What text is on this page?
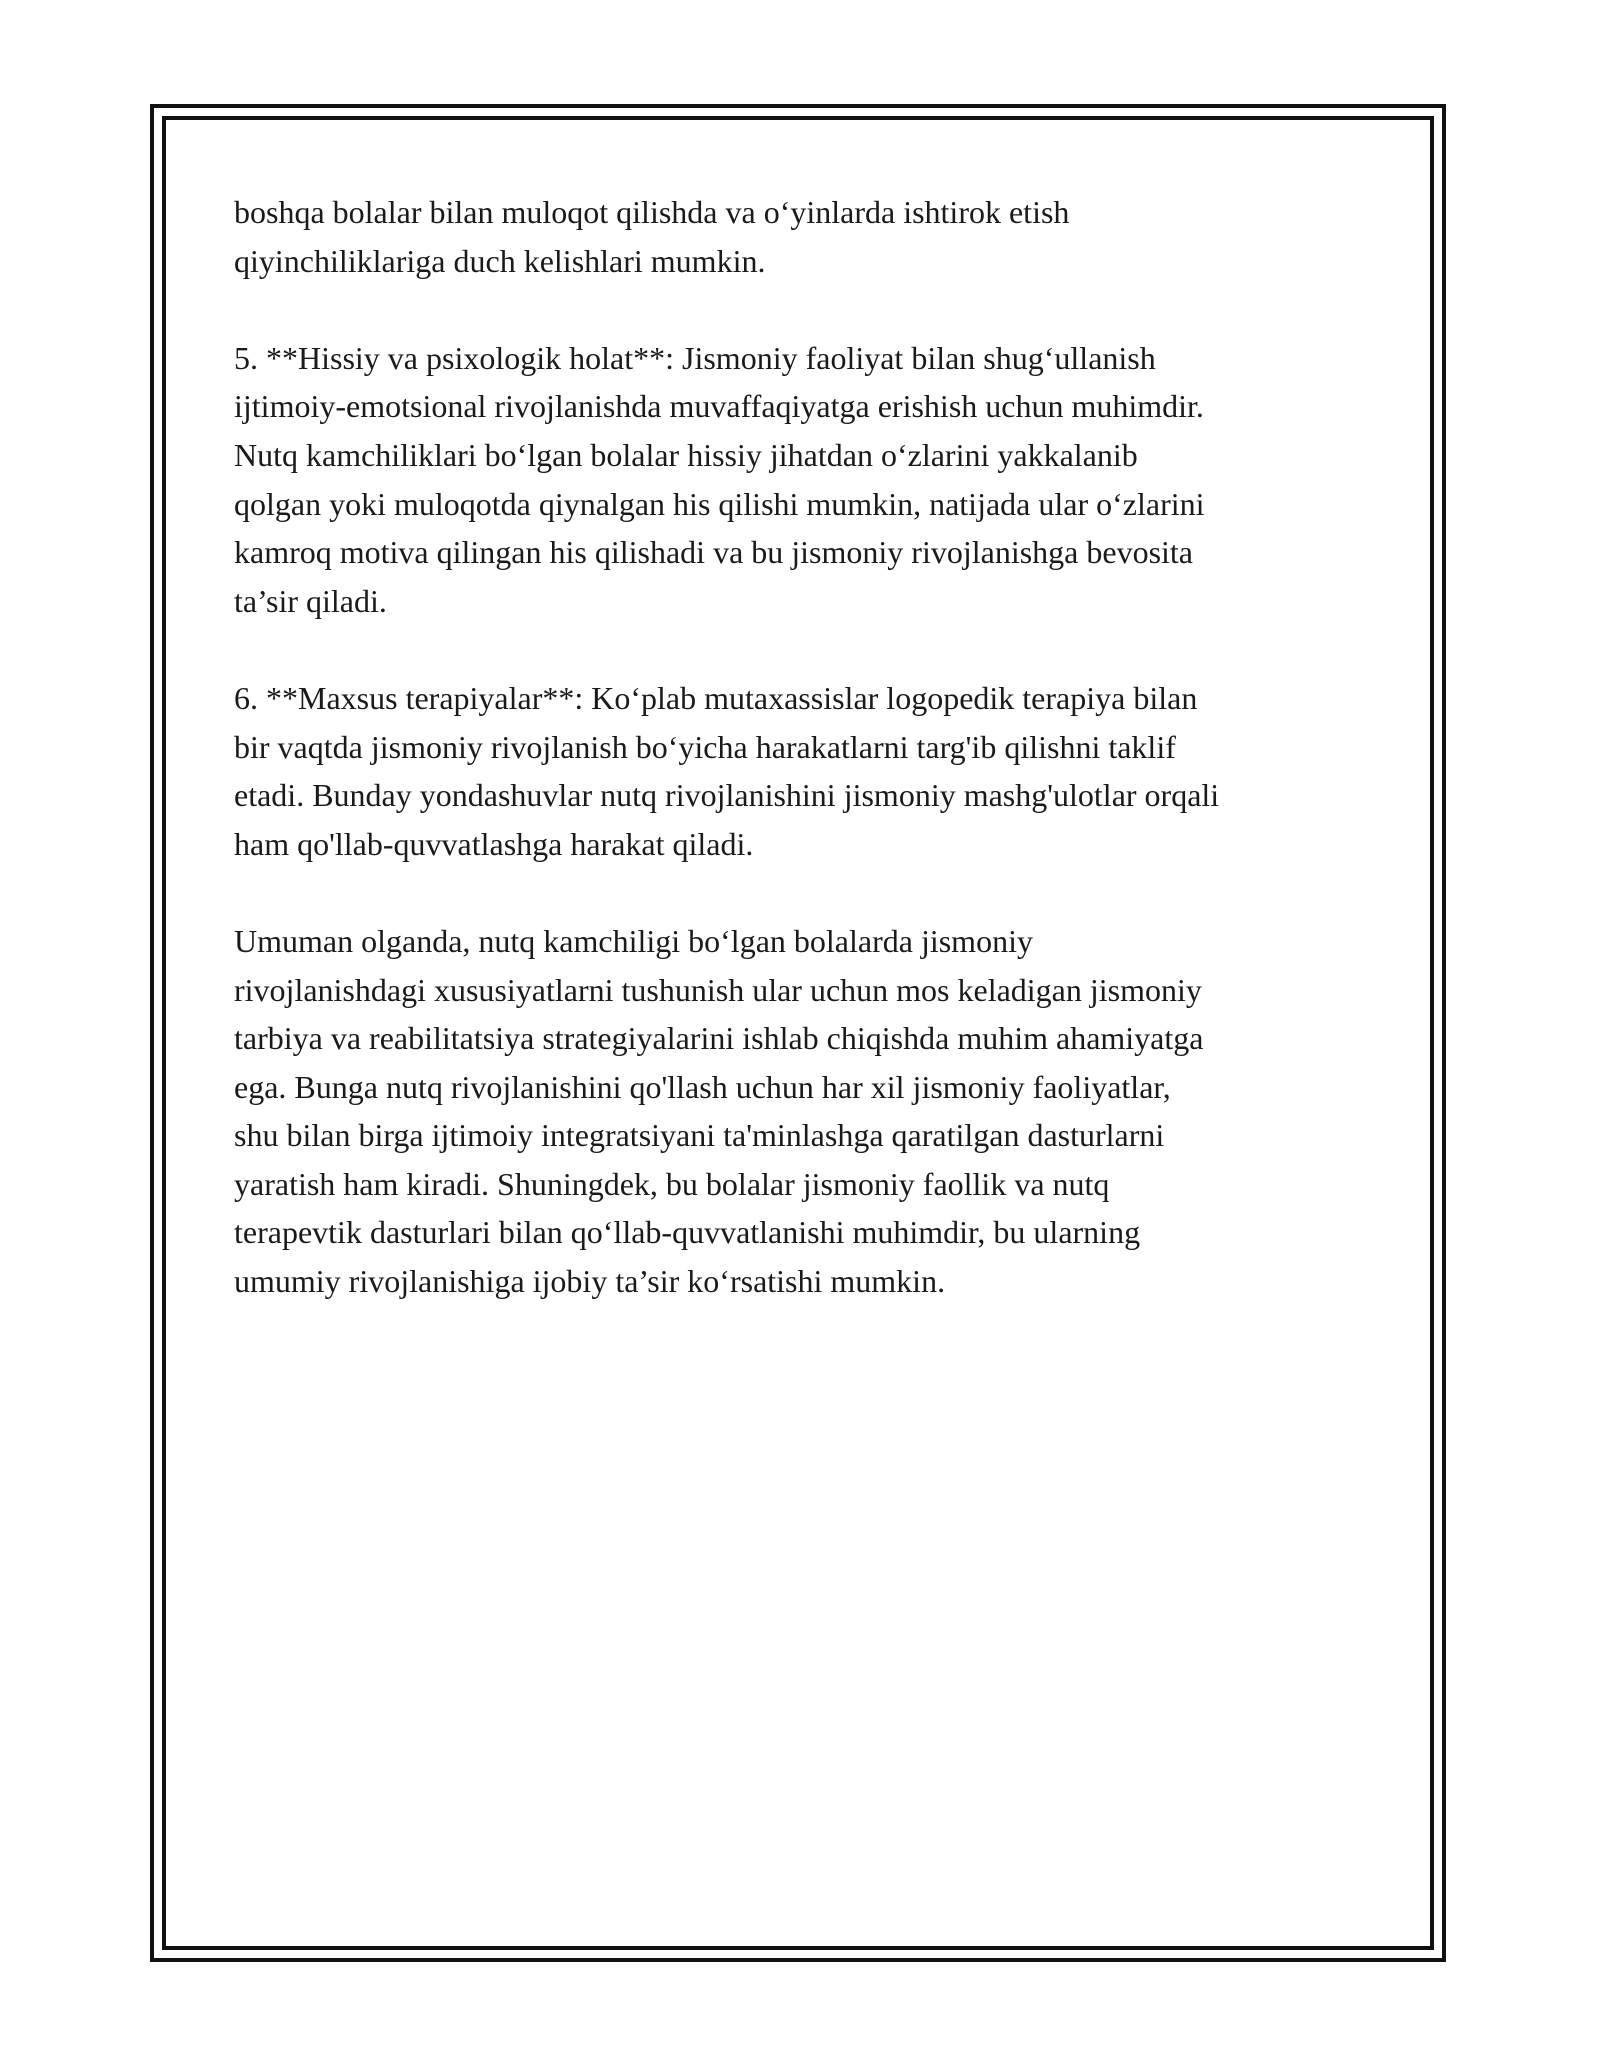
boshqa bolalar bilan muloqot qilishda va o‘yinlarda ishtirok etish
qiyinchiliklariga duch kelishlari mumkin.

5. **Hissiy va psixologik holat**: Jismoniy faoliyat bilan shug‘ullanish
ijtimoiy-emotsional rivojlanishda muvaffaqiyatga erishish uchun muhimdir.
Nutq kamchiliklari bo‘lgan bolalar hissiy jihatdan o‘zlarini yakkalanib
qolgan yoki muloqotda qiynalgan his qilishi mumkin, natijada ular o‘zlarini
kamroq motiva qilingan his qilishadi va bu jismoniy rivojlanishga bevosita
ta’sir qiladi.

6. **Maxsus terapiyalar**: Ko‘plab mutaxassislar logopedik terapiya bilan
bir vaqtda jismoniy rivojlanish bo‘yicha harakatlarni targ'ib qilishni taklif
etadi. Bunday yondashuvlar nutq rivojlanishini jismoniy mashg'ulotlar orqali
ham qo'llab-quvvatlashga harakat qiladi.

Umuman olganda, nutq kamchiligi bo‘lgan bolalarda jismoniy
rivojlanishdagi xususiyatlarni tushunish ular uchun mos keladigan jismoniy
tarbiya va reabilitatsiya strategiyalarini ishlab chiqishda muhim ahamiyatga
ega. Bunga nutq rivojlanishini qo'llash uchun har xil jismoniy faoliyatlar,
shu bilan birga ijtimoiy integratsiyani ta'minlashga qaratilgan dasturlarni
yaratish ham kiradi. Shuningdek, bu bolalar jismoniy faollik va nutq
terapevtik dasturlari bilan qo‘llab-quvvatlanishi muhimdir, bu ularning
umumiy rivojlanishiga ijobiy ta’sir ko‘rsatishi mumkin.
